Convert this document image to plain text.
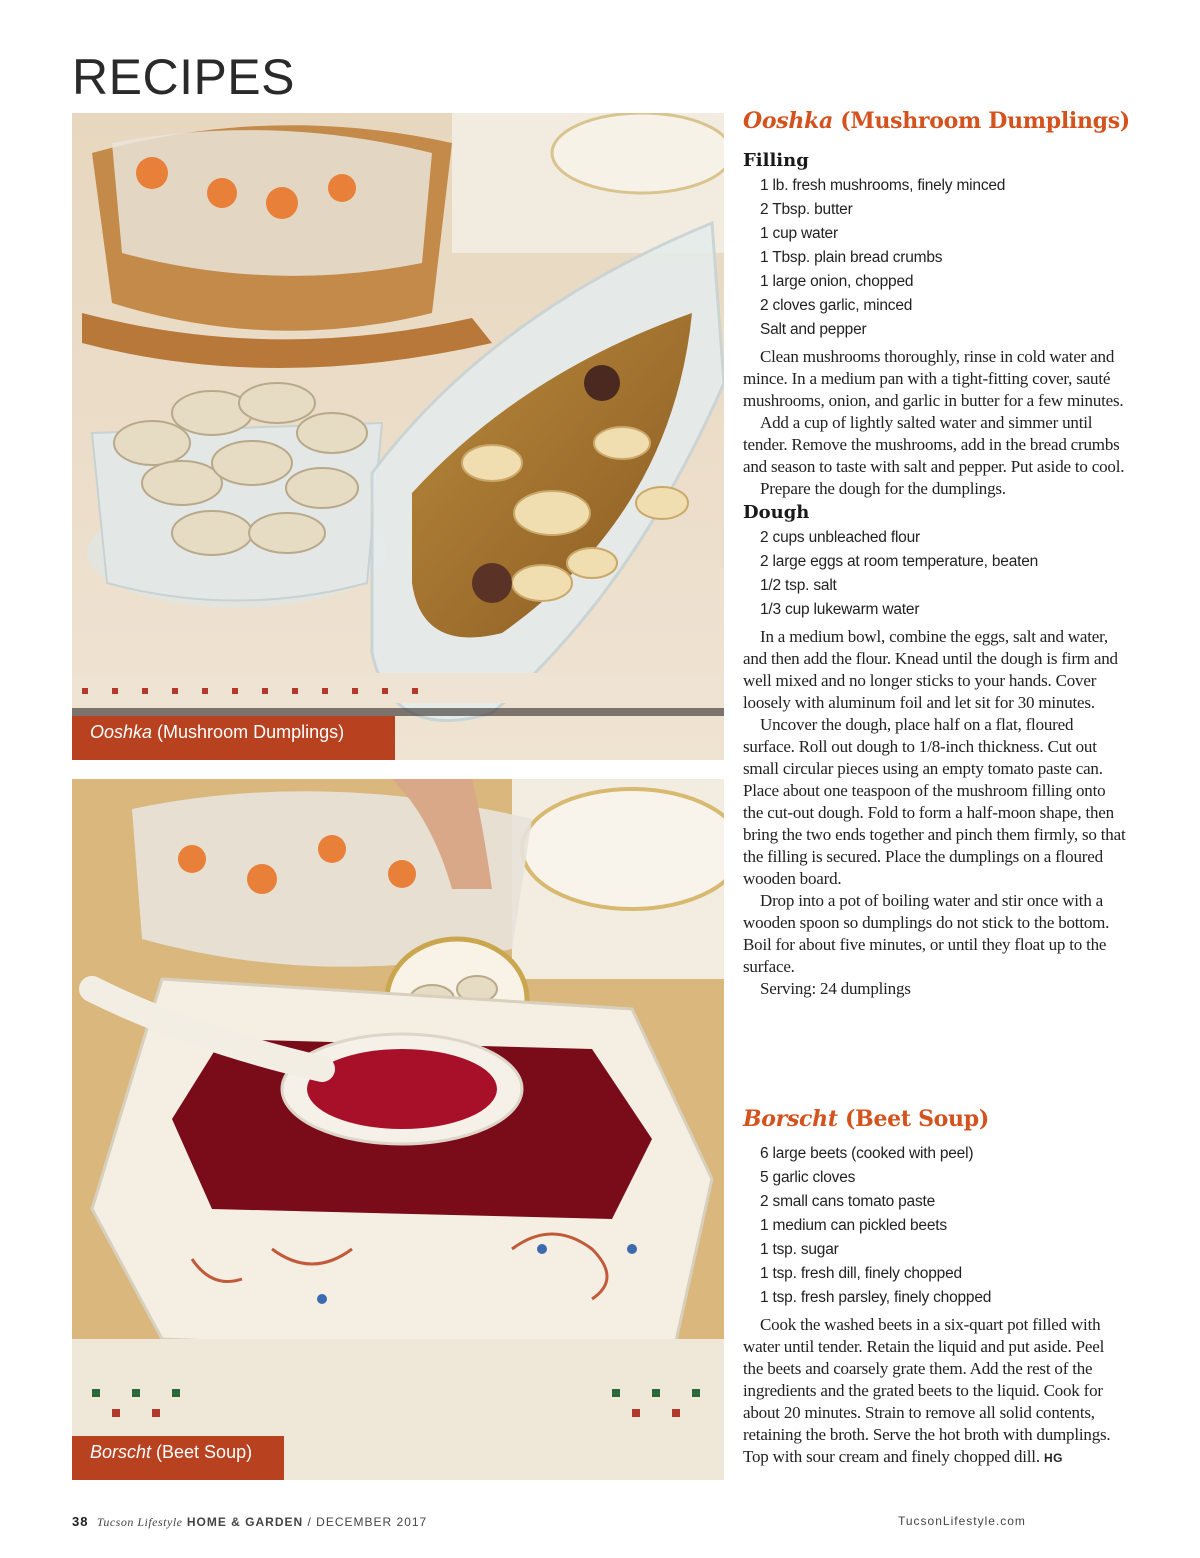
RECIPES
Ooshka (Mushroom Dumplings)
Borscht (Beet Soup)
Ooshka (Mushroom Dumplings)
Filling
1 lb. fresh mushrooms, finely minced
2 Tbsp. butter
1 cup water
1 Tbsp. plain bread crumbs
1 large onion, chopped
2 cloves garlic, minced
Salt and pepper

Clean mushrooms thoroughly, rinse in cold water and mince. In a medium pan with a tight-fitting cover, sauté mushrooms, onion, and garlic in butter for a few minutes.

Add a cup of lightly salted water and simmer until tender. Remove the mushrooms, add in the bread crumbs and season to taste with salt and pepper. Put aside to cool.

Prepare the dough for the dumplings.

Dough
2 cups unbleached flour
2 large eggs at room temperature, beaten
1/2 tsp. salt
1/3 cup lukewarm water

In a medium bowl, combine the eggs, salt and water, and then add the flour. Knead until the dough is firm and well mixed and no longer sticks to your hands. Cover loosely with aluminum foil and let sit for 30 minutes.

Uncover the dough, place half on a flat, floured surface. Roll out dough to 1/8-inch thickness. Cut out small circular pieces using an empty tomato paste can. Place about one teaspoon of the mushroom filling onto the cut-out dough. Fold to form a half-moon shape, then bring the two ends together and pinch them firmly, so that the filling is secured. Place the dumplings on a floured wooden board.

Drop into a pot of boiling water and stir once with a wooden spoon so dumplings do not stick to the bottom. Boil for about five minutes, or until they float up to the surface.

Serving: 24 dumplings

Borscht (Beet Soup)
6 large beets (cooked with peel)
5 garlic cloves
2 small cans tomato paste
1 medium can pickled beets
1 tsp. sugar
1 tsp. fresh dill, finely chopped
1 tsp. fresh parsley, finely chopped

Cook the washed beets in a six-quart pot filled with water until tender. Retain the liquid and put aside. Peel the beets and coarsely grate them. Add the rest of the ingredients and the grated beets to the liquid. Cook for about 20 minutes. Strain to remove all solid contents, retaining the broth. Serve the hot broth with dumplings. Top with sour cream and finely chopped dill. HG

38 Tucson Lifestyle HOME & GARDEN / DECEMBER 2017	TucsonLifestyle.com
